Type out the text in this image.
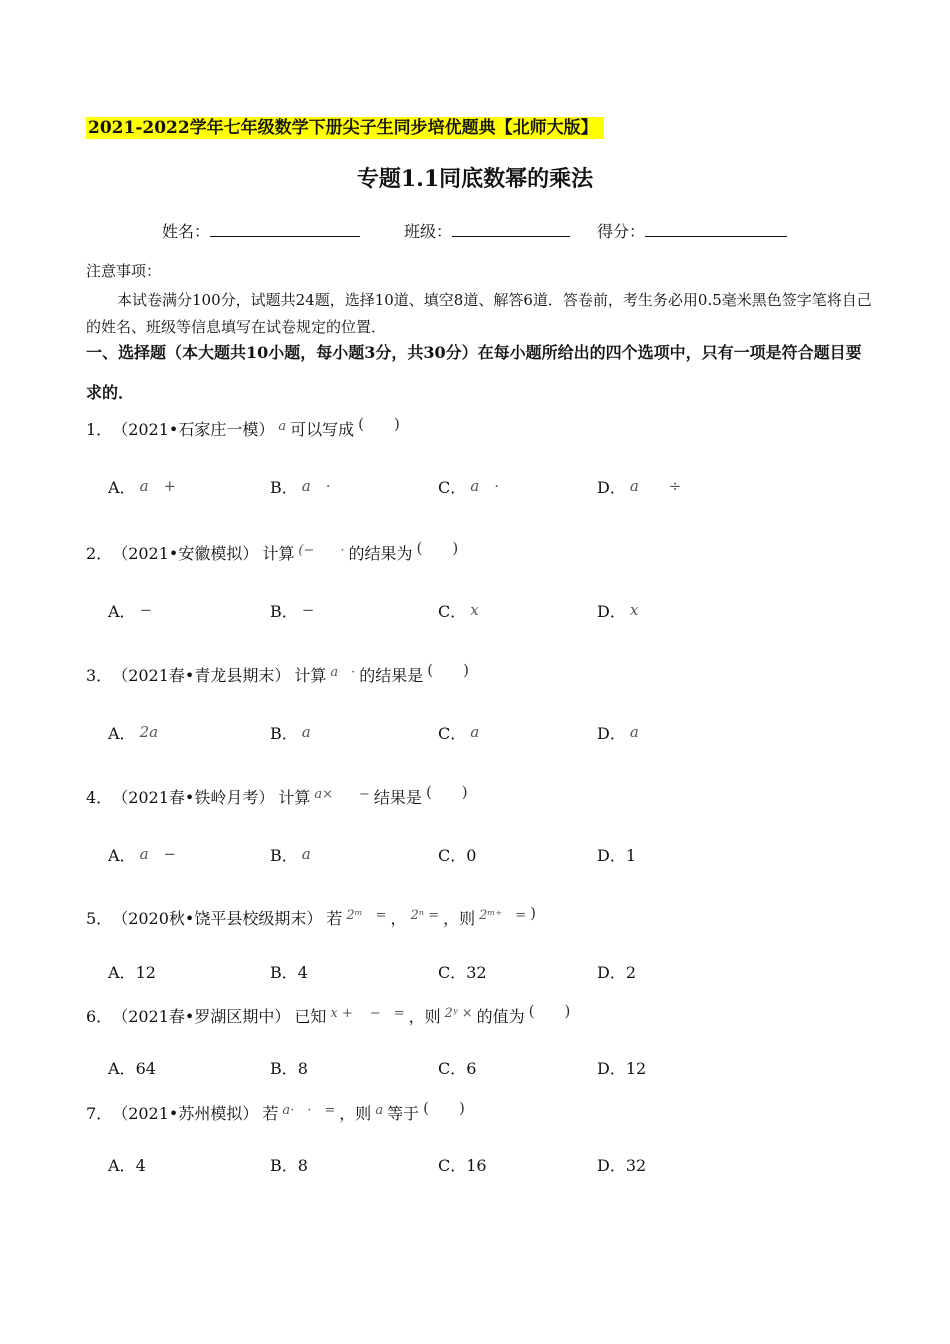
2021-2022学年七年级数学下册尖子生同步培优题典【北师大版】
专题1.1同底数幂的乘法
姓名：	班级：	得分：
注意事项：
本试卷满分100分，试题共24题，选择10道、填空8道、解答6道．答卷前，考生务必用0.5毫米黑色签字笔将自己的姓名、班级等信息填写在试卷规定的位置．
一、选择题（本大题共10小题，每小题3分，共30分）在每小题所给出的四个选项中，只有一项是符合题目要求的．
1． （2021•石家庄一模） $^a$ 可以写成 (　　)
A． a　+	B． a　·	C． a　·	D． a　　÷
2． （2021•安徽模拟） 计算 (−　　· 的结果为 (　　)
A． −	B． −	C． x	D． x
3． （2021春•青龙县期末） 计算 $^{a \cdot}$ 的结果是 (　　)
A． 2a	B． a	C． a	D． a
4． （2021春•铁岭月考） 计算 $^{a\times -}$ 结果是 (　　)
A． a　−	B． a	C．0	D．1
5． （2020秋•饶平县校级期末） 若 $^{2ᵐ =}$ ， $^{2^n =}$ ，则 $^{2ᵐ^+ =}$ )
A．12	B．4	C．32	D．2
6． （2021春•罗湖区期中） 已知 $^{x + - =}$ ，则 $^{2ʸ \times}$ 的值为 (　　)
A．64	B．8	C．6	D．12
7． （2021•苏州模拟） 若 $^{a\cdot \cdot =}$ ，则 $^a$ 等于 (　　)
A．4	B．8	C．16	D．32
